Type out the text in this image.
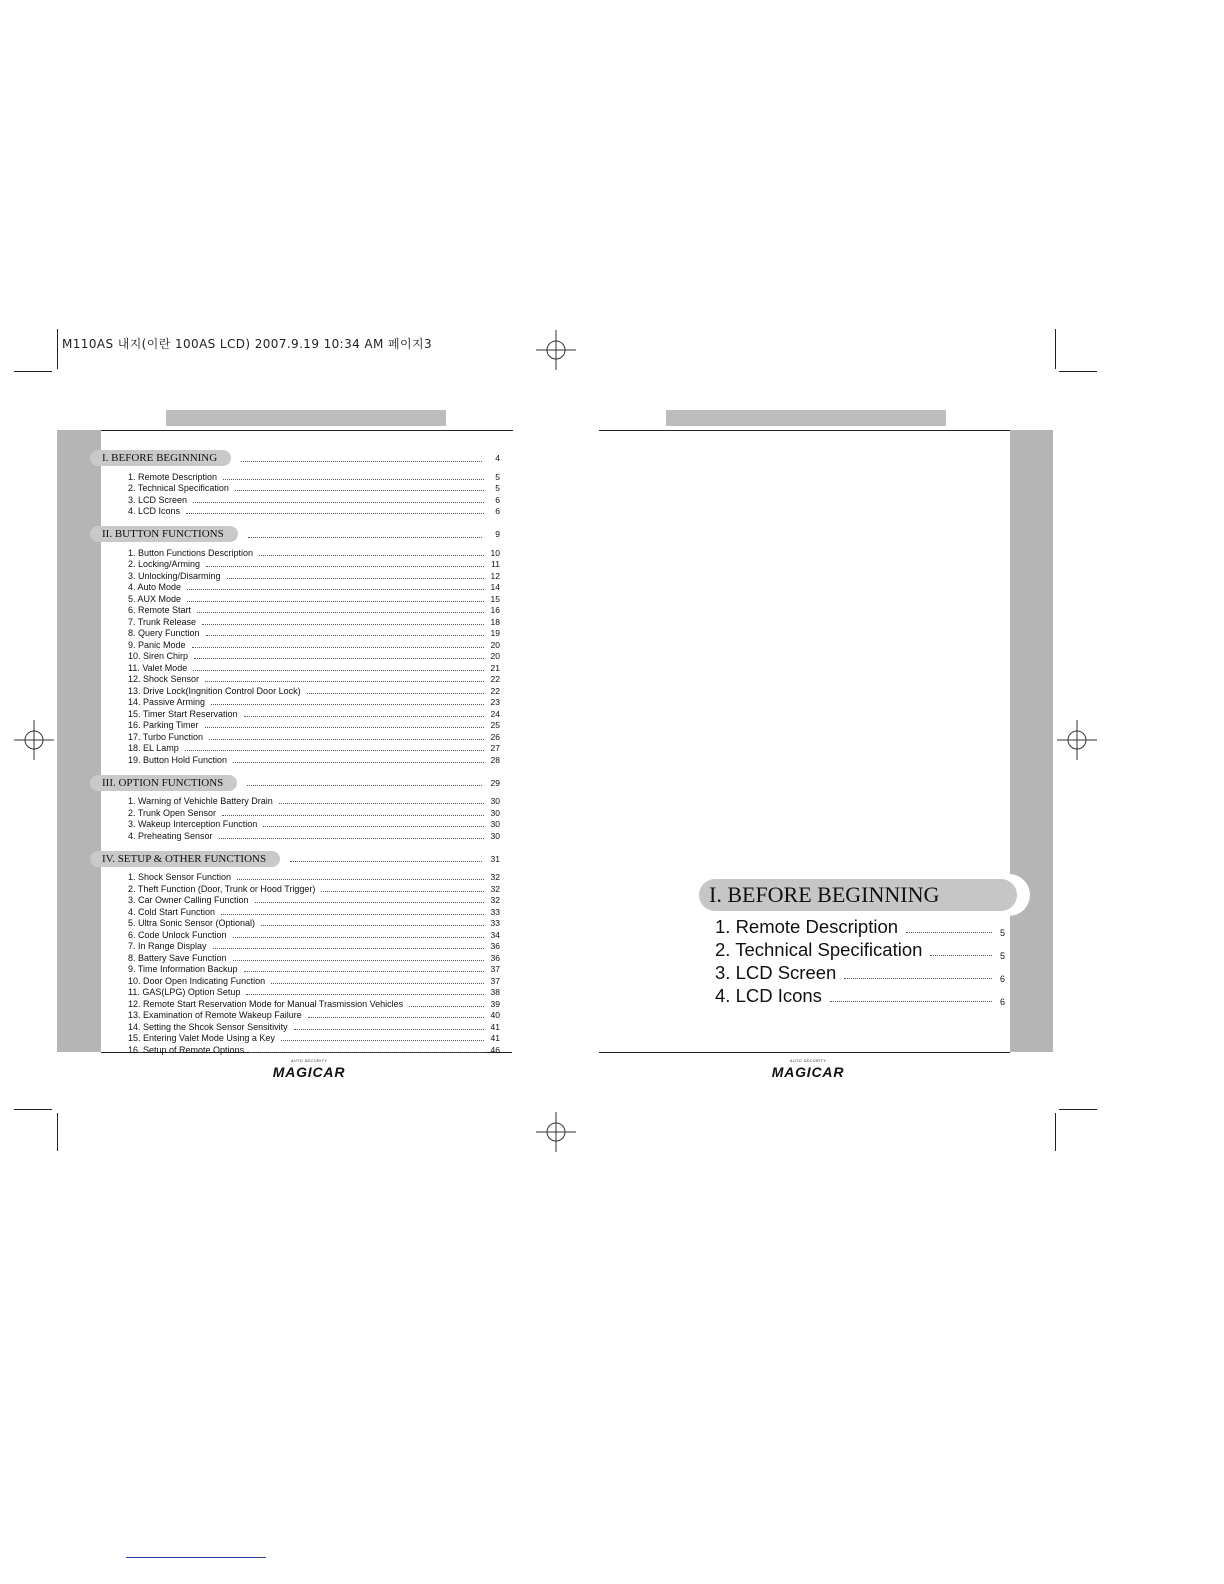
M110AS 내지(이란 100AS LCD) 2007.9.19 10:34 AM 페이지3
I. BEFORE BEGINNING	4
1. Remote Description	5
2. Technical Specification	5
3. LCD Screen	6
4. LCD Icons	6
II. BUTTON FUNCTIONS	9
1. Button Functions Description	10
2. Locking/Arming	11
3. Unlocking/Disarming	12
4. Auto Mode	14
5. AUX Mode	15
6. Remote Start	16
7. Trunk Release	18
8. Query Function	19
9. Panic Mode	20
10. Siren Chirp	20
11. Valet Mode	21
12. Shock Sensor	22
13. Drive Lock(Ingnition Control Door Lock)	22
14. Passive Arming	23
15. Timer Start Reservation	24
16. Parking Timer	25
17. Turbo Function	26
18. EL Lamp	27
19. Button Hold Function	28
III. OPTION FUNCTIONS	29
1. Warning of Vehichle Battery Drain	30
2. Trunk Open Sensor	30
3. Wakeup Interception Function	30
4. Preheating Sensor	30
IV. SETUP & OTHER FUNCTIONS	31
1. Shock Sensor Function	32
2. Theft Function (Door, Trunk or Hood Trigger)	32
3. Car Owner Calling Function	32
4. Cold Start Function	33
5. Ultra Sonic Sensor (Optional)	33
6. Code Unlock Function	34
7. In Range Display	36
8. Battery Save Function	36
9. Time Information Backup	37
10. Door Open Indicating Function	37
11. GAS(LPG) Option Setup	38
12. Remote Start Reservation Mode for Manual Trasmission Vehicles	39
13. Examination of Remote Wakeup Failure	40
14. Setting the Shcok Sensor Sensitivity	41
15. Entering Valet Mode Using a Key	41
16. Setup of Remote Options	46
AUTO SECURITY
MAGICAR
I. BEFORE BEGINNING
1. Remote Description	5
2. Technical Specification	5
3. LCD Screen	6
4. LCD Icons	6
AUTO SECURITY
MAGICAR
